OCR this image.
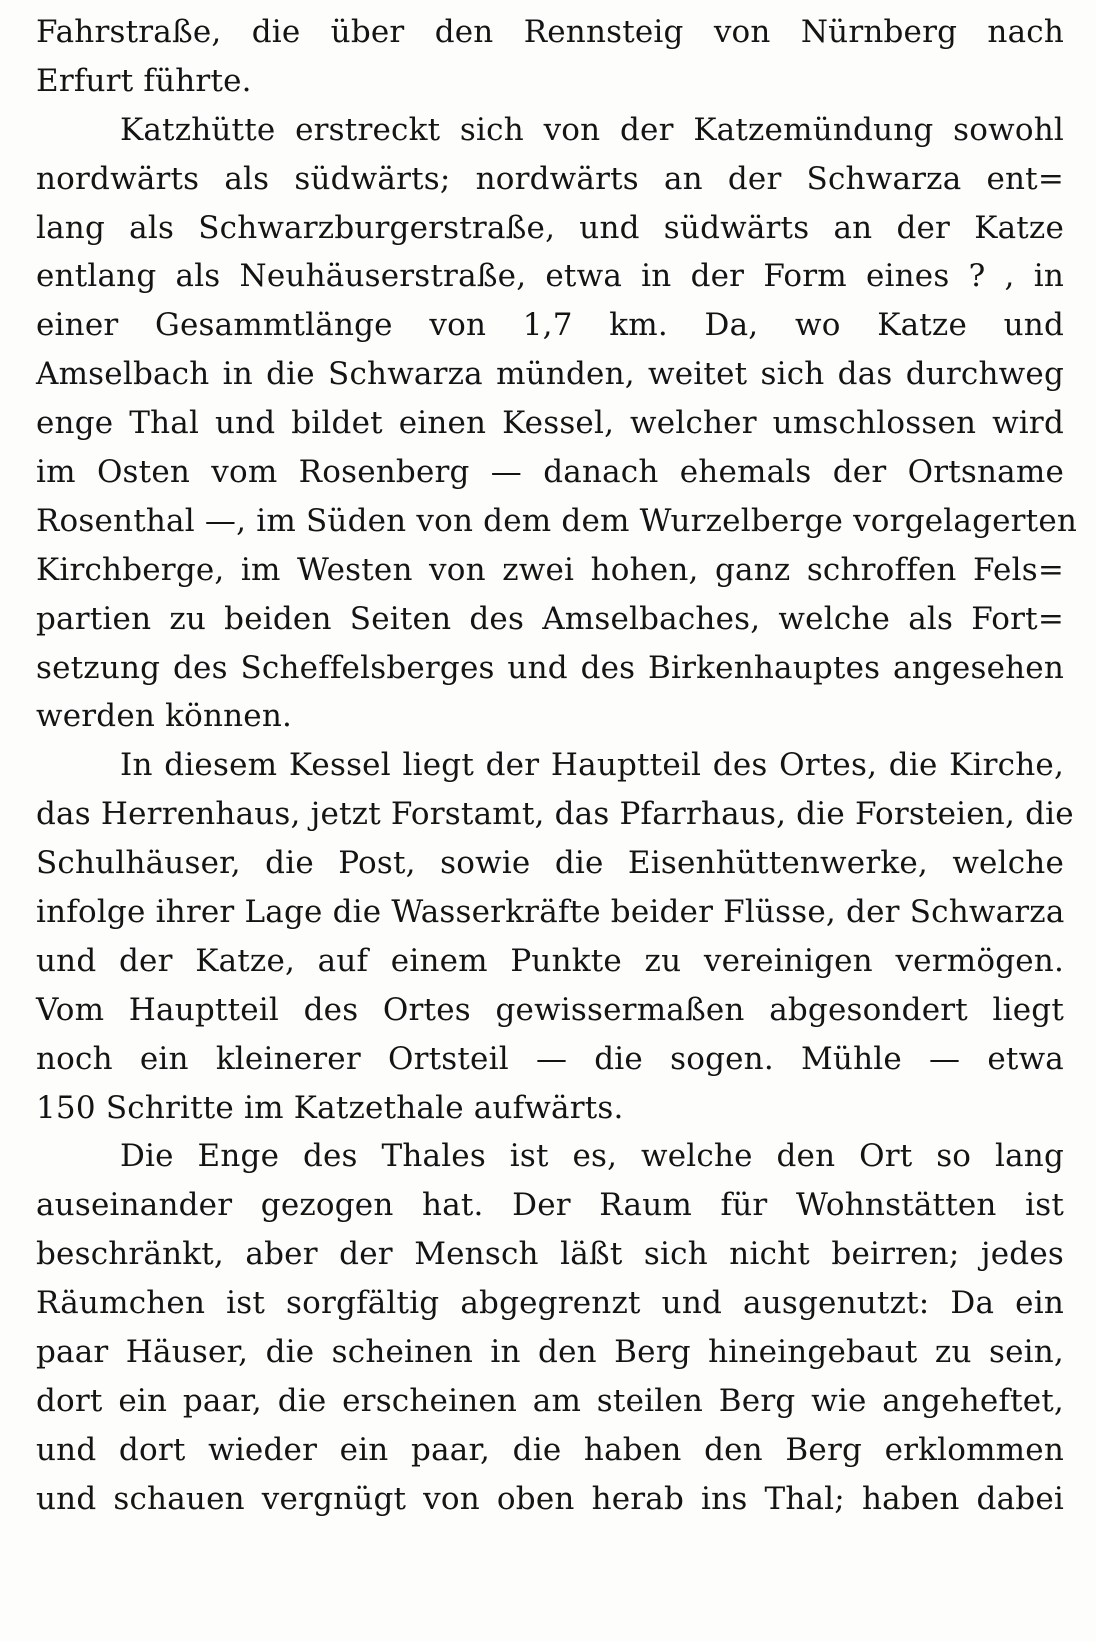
Fahrstraße, die über den Rennsteig von Nürnberg nach
Erfurt führte.
Katzhütte erstreckt sich von der Katzemündung sowohl
nordwärts als südwärts; nordwärts an der Schwarza ent=
lang als Schwarzburgerstraße, und südwärts an der Katze
entlang als Neuhäuserstraße, etwa in der Form eines ? , in
einer Gesammtlänge von 1,7 km. Da, wo Katze und
Amselbach in die Schwarza münden, weitet sich das durchweg
enge Thal und bildet einen Kessel, welcher umschlossen wird
im Osten vom Rosenberg — danach ehemals der Ortsname
Rosenthal —, im Süden von dem dem Wurzelberge vorgelagerten
Kirchberge, im Westen von zwei hohen, ganz schroffen Fels=
partien zu beiden Seiten des Amselbaches, welche als Fort=
setzung des Scheffelsberges und des Birkenhauptes angesehen
werden können.
In diesem Kessel liegt der Hauptteil des Ortes, die Kirche,
das Herrenhaus, jetzt Forstamt, das Pfarrhaus, die Forsteien, die
Schulhäuser, die Post, sowie die Eisenhüttenwerke, welche
infolge ihrer Lage die Wasserkräfte beider Flüsse, der Schwarza
und der Katze, auf einem Punkte zu vereinigen vermögen.
Vom Hauptteil des Ortes gewissermaßen abgesondert liegt
noch ein kleinerer Ortsteil — die sogen. Mühle — etwa
150 Schritte im Katzethale aufwärts.
Die Enge des Thales ist es, welche den Ort so lang
auseinander gezogen hat. Der Raum für Wohnstätten ist
beschränkt, aber der Mensch läßt sich nicht beirren; jedes
Räumchen ist sorgfältig abgegrenzt und ausgenutzt: Da ein
paar Häuser, die scheinen in den Berg hineingebaut zu sein,
dort ein paar, die erscheinen am steilen Berg wie angeheftet,
und dort wieder ein paar, die haben den Berg erklommen
und schauen vergnügt von oben herab ins Thal; haben dabei
